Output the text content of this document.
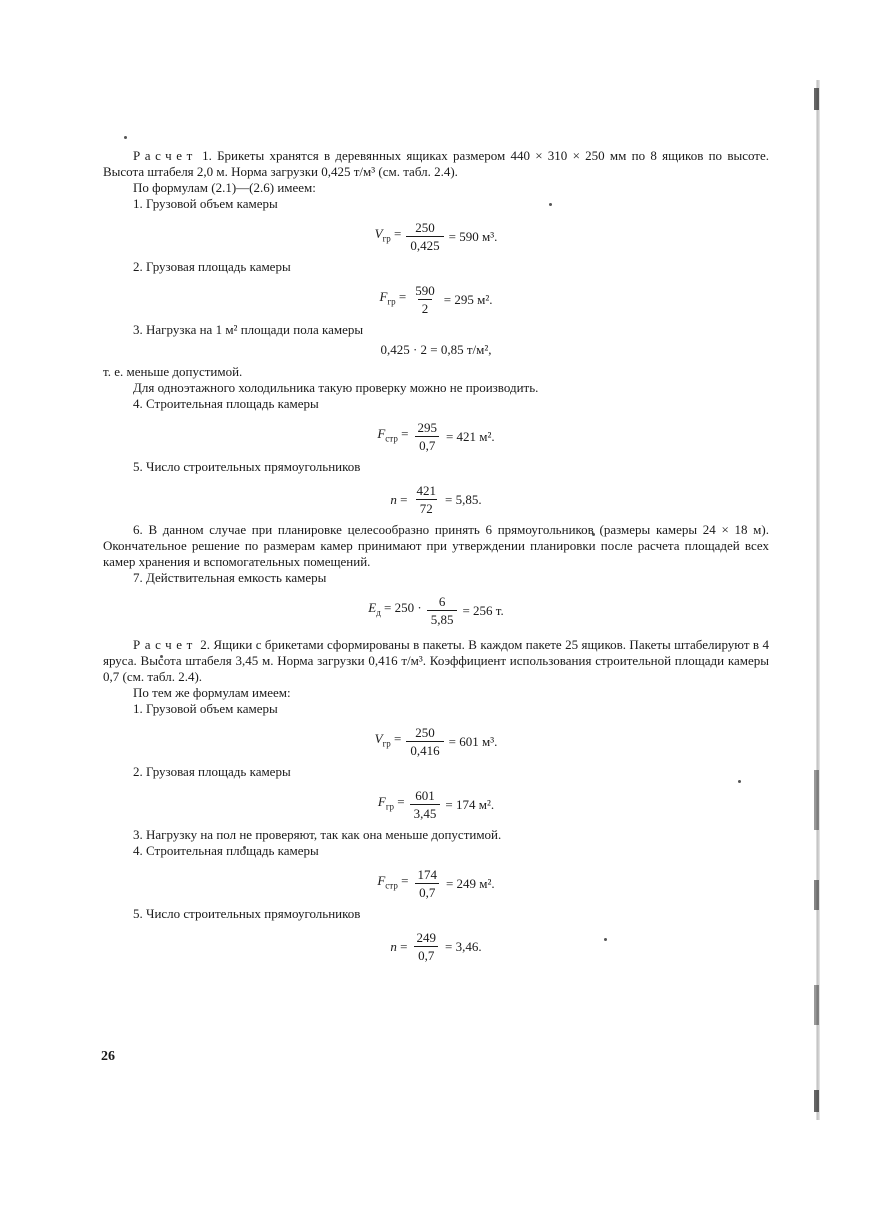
Расчет 1. Брикеты хранятся в деревянных ящиках размером 440 × 310 × 250 мм по 8 ящиков по высоте. Высота штабеля 2,0 м. Норма загрузки 0,425 т/м³ (см. табл. 2.4).

По формулам (2.1)—(2.6) имеем:

1. Грузовой объем камеры

$V_{гр} = \frac{250}{0,425} = 590$ м³.

2. Грузовая площадь камеры

$F_{гр} = \frac{590}{2} = 295$ м².

3. Нагрузка на 1 м² площади пола камеры

0,425 · 2 = 0,85 т/м²,

т. е. меньше допустимой.

Для одноэтажного холодильника такую проверку можно не производить.

4. Строительная площадь камеры

$F_{стр} = \frac{295}{0,7} = 421$ м².

5. Число строительных прямоугольников

$n = \frac{421}{72} = 5,85$.

6. В данном случае при планировке целесообразно принять 6 прямоугольников (размеры камеры 24 × 18 м). Окончательное решение по размерам камер принимают при утверждении планировки после расчета площадей всех камер хранения и вспомогательных помещений.

7. Действительная емкость камеры

$E_д = 250 \cdot \frac{6}{5,85} = 256$ т.

Расчет 2. Ящики с брикетами сформированы в пакеты. В каждом пакете 25 ящиков. Пакеты штабелируют в 4 яруса. Высота штабеля 3,45 м. Норма загрузки 0,416 т/м³. Коэффициент использования строительной площади камеры 0,7 (см. табл. 2.4).

По тем же формулам имеем:

1. Грузовой объем камеры

$V_{гр} = \frac{250}{0,416} = 601$ м³.

2. Грузовая площадь камеры

$F_{гр} = \frac{601}{3,45} = 174$ м².

3. Нагрузку на пол не проверяют, так как она меньше допустимой.

4. Строительная площадь камеры

$F_{стр} = \frac{174}{0,7} = 249$ м².

5. Число строительных прямоугольников

$n = \frac{249}{0,7} = 3,46$.
26
